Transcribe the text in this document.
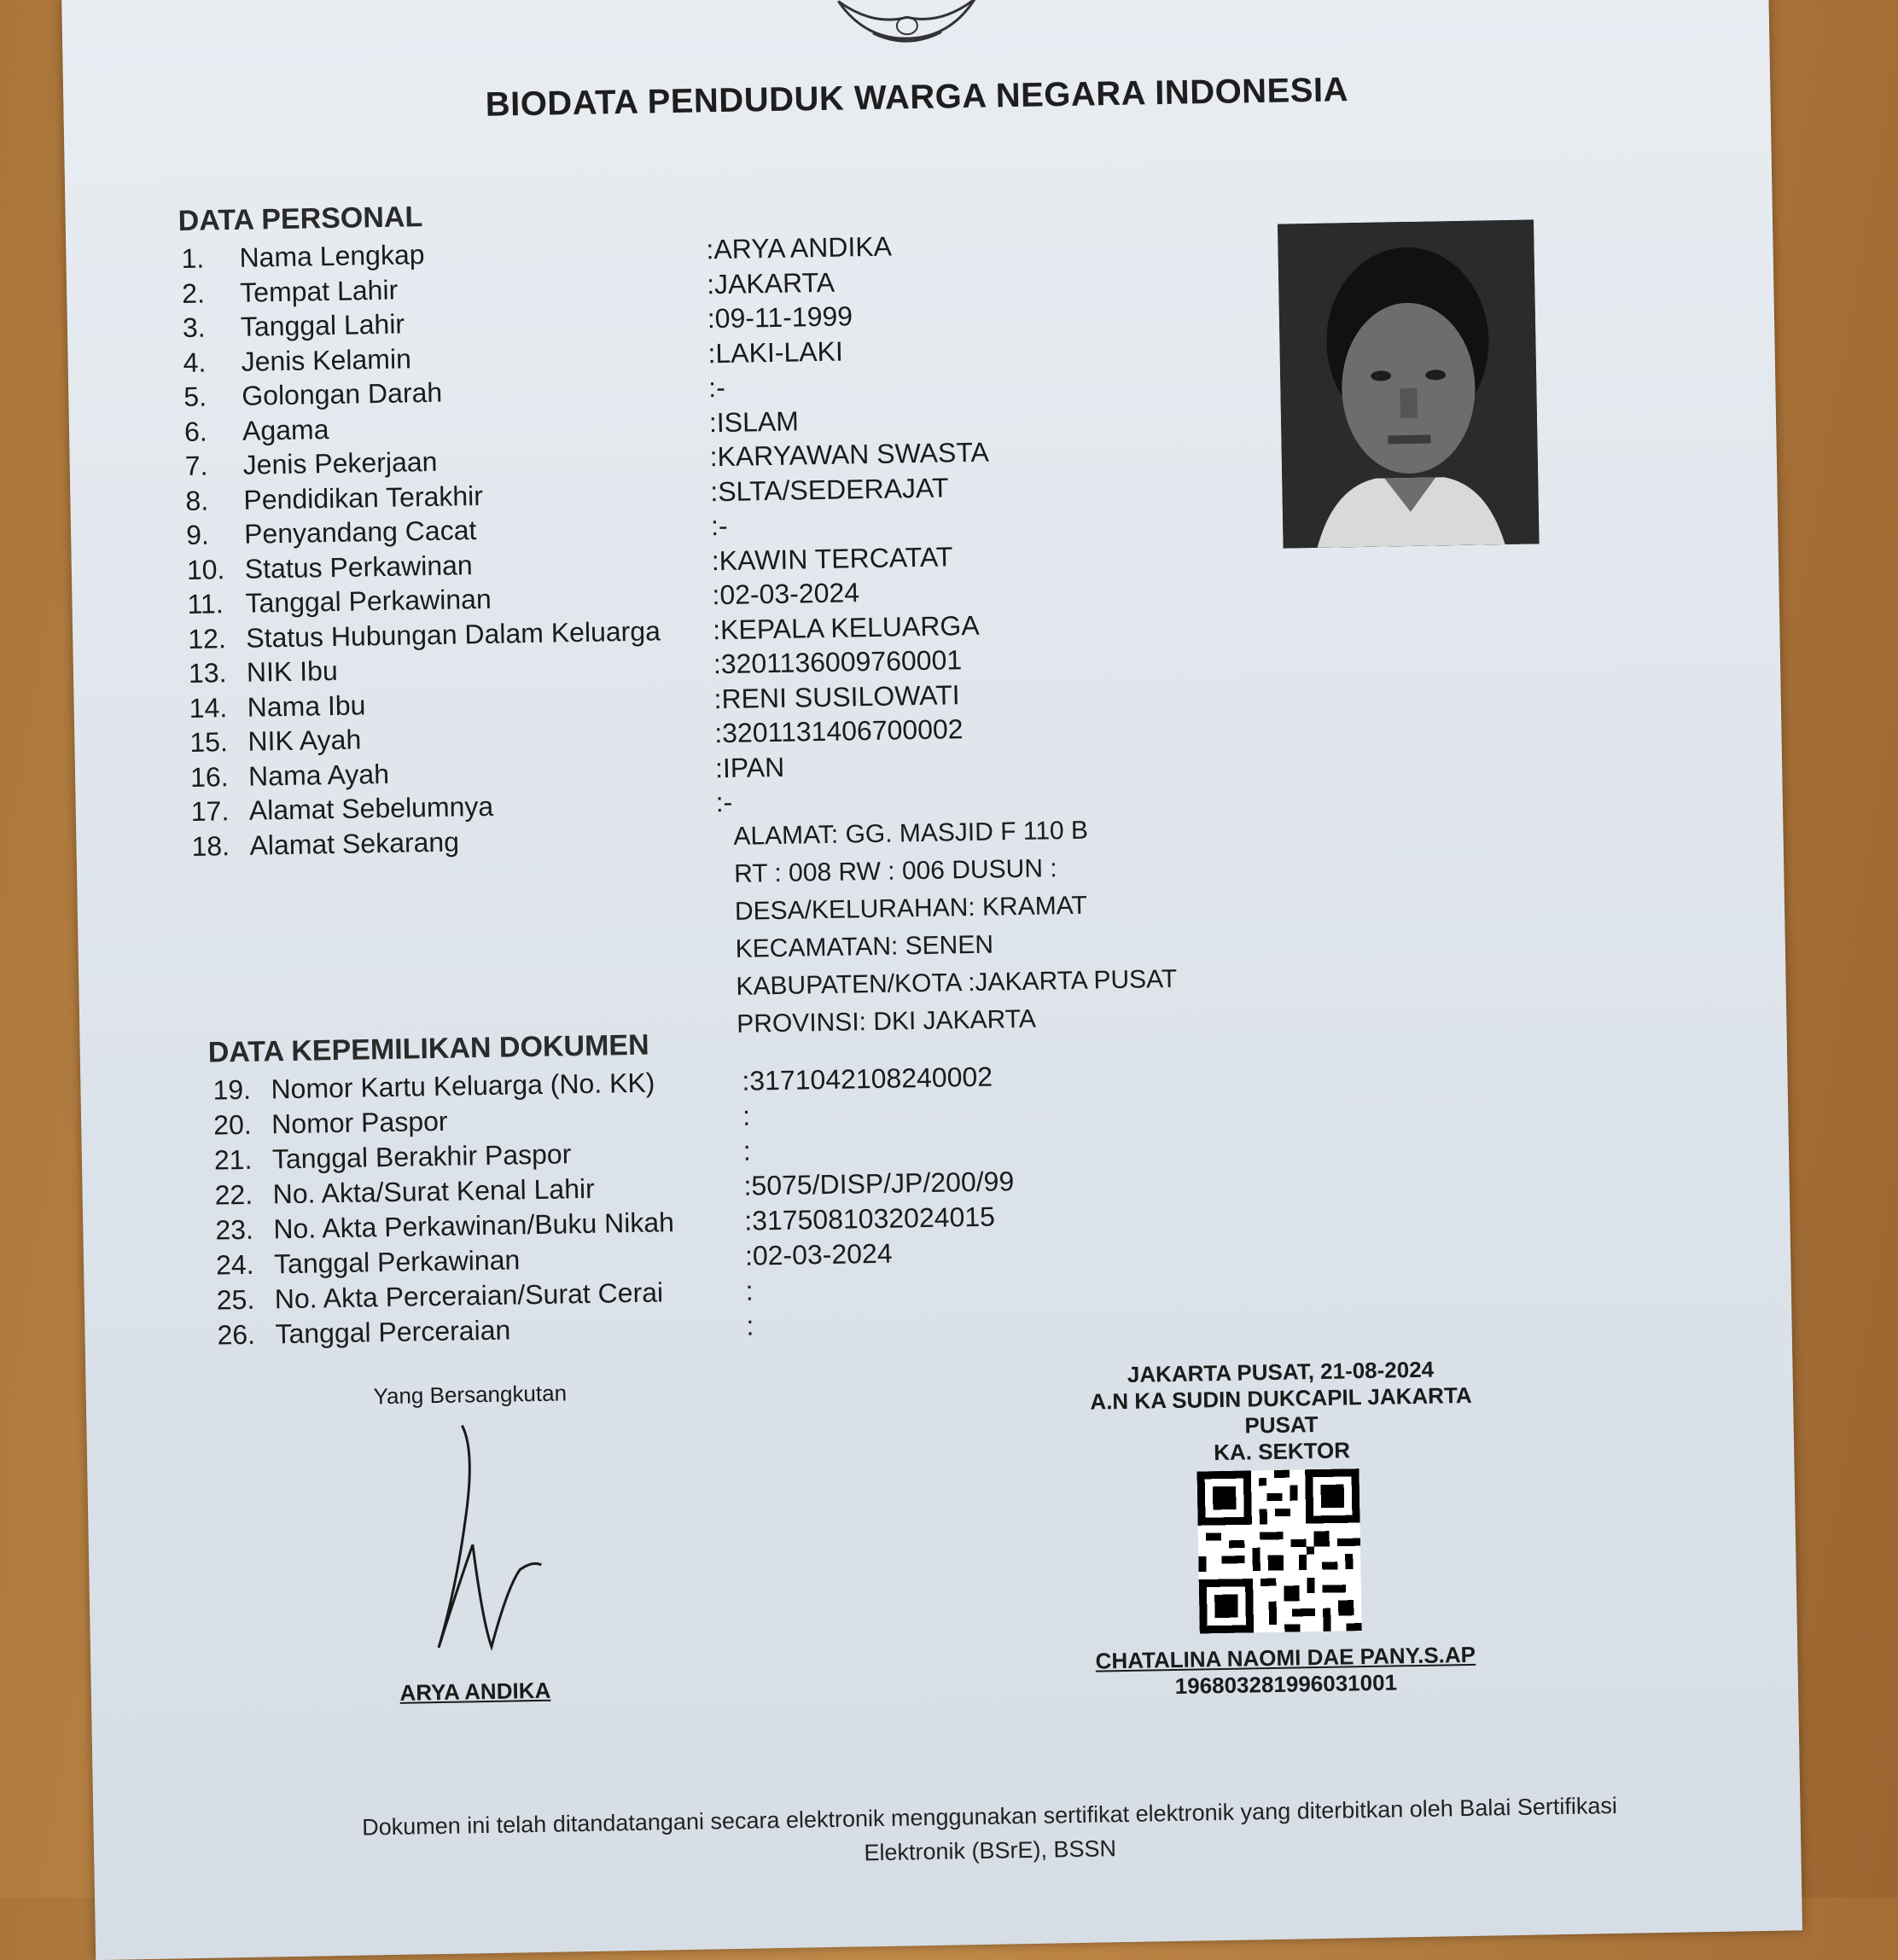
BIODATA PENDUDUK WARGA NEGARA INDONESIA
DATA PERSONAL
1.	Nama Lengkap	:ARYA ANDIKA
2.	Tempat Lahir	:JAKARTA
3.	Tanggal Lahir	:09-11-1999
4.	Jenis Kelamin	:LAKI-LAKI
5.	Golongan Darah	:-
6.	Agama	:ISLAM
7.	Jenis Pekerjaan	:KARYAWAN SWASTA
8.	Pendidikan Terakhir	:SLTA/SEDERAJAT
9.	Penyandang Cacat	:-
10. Status Perkawinan	:KAWIN TERCATAT
11. Tanggal Perkawinan	:02-03-2024
12. Status Hubungan Dalam Keluarga :KEPALA KELUARGA
13. NIK Ibu	:3201136009760001
14. Nama Ibu	:RENI SUSILOWATI
15. NIK Ayah	:3201131406700002
16. Nama Ayah	:IPAN
17. Alamat Sebelumnya	:-
18. Alamat Sekarang	ALAMAT: GG. MASJID F 110 B
RT : 008 RW : 006 DUSUN :
DESA/KELURAHAN: KRAMAT
KECAMATAN: SENEN
KABUPATEN/KOTA :JAKARTA PUSAT
PROVINSI: DKI JAKARTA
DATA KEPEMILIKAN DOKUMEN
19. Nomor Kartu Keluarga (No. KK)	:3171042108240002
20. Nomor Paspor	:
21. Tanggal Berakhir Paspor	:
22. No. Akta/Surat Kenal Lahir	:5075/DISP/JP/200/99
23. No. Akta Perkawinan/Buku Nikah	:3175081032024015
24. Tanggal Perkawinan	:02-03-2024
25. No. Akta Perceraian/Surat Cerai	:
26. Tanggal Perceraian	:
Yang Bersangkutan
ARYA ANDIKA
JAKARTA PUSAT, 21-08-2024
A.N KA SUDIN DUKCAPIL JAKARTA PUSAT
KA. SEKTOR
CHATALINA NAOMI DAE PANY.S.AP
196803281996031001
Dokumen ini telah ditandatangani secara elektronik menggunakan sertifikat elektronik yang diterbitkan oleh Balai Sertifikasi
Elektronik (BSrE), BSSN
